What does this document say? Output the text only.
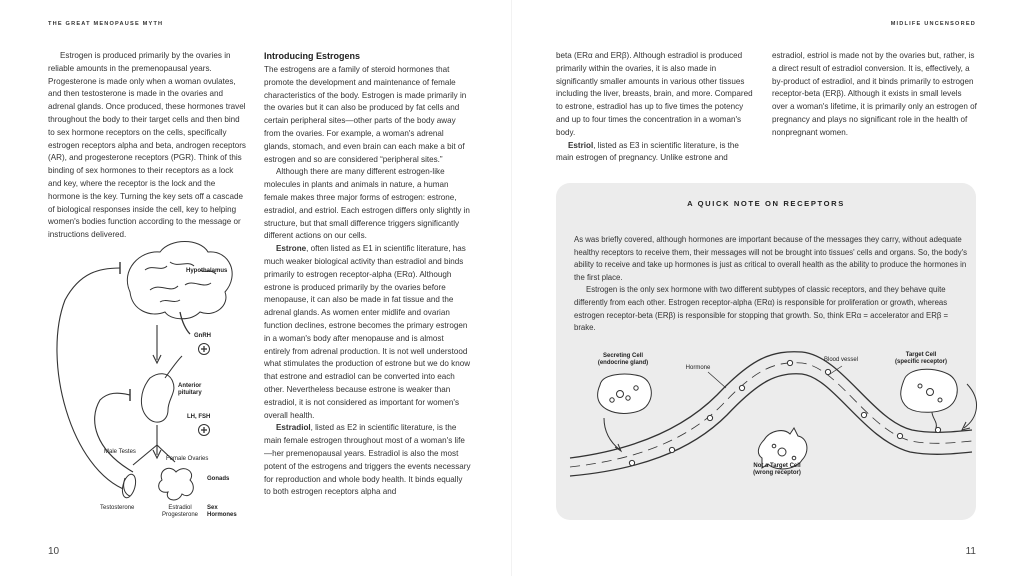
THE GREAT MENOPAUSE MYTH

Estrogen is produced primarily by the ovaries in reliable amounts in the premenopausal years. Progesterone is made only when a woman ovulates, and then testosterone is made in the ovaries and adrenal glands. Once produced, these hormones travel throughout the body to their target cells and then bind to sex hormone receptors on the cells, specifically estrogen receptors alpha and beta, androgen receptors (AR), and progesterone receptors (PGR). Think of this binding of sex hormones to their receptors as a lock and key, where the receptor is the lock and the hormone is the key. Turning the key sets off a cascade of biological responses inside the cell, key to helping women's bodies function according to the message or instructions delivered.

Introducing Estrogens

The estrogens are a family of steroid hormones that promote the development and maintenance of female characteristics of the body. Estrogen is made primarily in the ovaries but it can also be produced by fat cells and certain peripheral sites—other parts of the body away from the ovaries. For example, a woman's adrenal glands, stomach, and even brain can each make a bit of estrogen and so are considered “peripheral sites.”

Although there are many different estrogen-like molecules in plants and animals in nature, a human female makes three major forms of estrogen: estrone, estradiol, and estriol. Each estrogen differs only slightly in structure, but that small difference triggers significantly different actions on our cells.

Estrone, often listed as E1 in scientific literature, has much weaker biological activity than estradiol and binds primarily to estrogen receptor-alpha (ERα). Although estrone is produced primarily by the ovaries before menopause, it can also be made in fat tissue and the adrenal glands. As women enter midlife and ovarian function declines, estrone becomes the primary estrogen in a woman's body after menopause and is almost entirely from adrenal production. It is not well understood what stimulates the production of estrone but we do know that estrone and estradiol can be converted into each other. Nevertheless because estrone is weaker than estradiol, it is not considered as important for women's overall health.

Estradiol, listed as E2 in scientific literature, is the main female estrogen throughout most of a woman's life—her premenopausal years. Estradiol is also the most potent of the estrogens and triggers the events necessary for reproduction and whole body health. It binds equally to both estrogen receptors alpha and

Hypothalamus
GnRH
Anterior
pituitary
LH, FSH
Male Testes
Female Ovaries
Gonads
Testosterone	Estradiol
Progesterone
Sex
Hormones
10
MIDLIFE UNCENSORED

beta (ERα and ERβ). Although estradiol is produced primarily within the ovaries, it is also made in significantly smaller amounts in various other tissues including the liver, breasts, brain, and more. Compared to estrone, estradiol has up to five times the potency and up to four times the concentration in a woman's body.

Estriol, listed as E3 in scientific literature, is the main estrogen of pregnancy. Unlike estrone and

estradiol, estriol is made not by the ovaries but, rather, is a direct result of estradiol conversion. It is, effectively, a by-product of estradiol, and it binds primarily to estrogen receptor-beta (ERβ). Although it exists in small levels over a woman's lifetime, it is primarily only an estrogen of pregnancy and plays no significant role in the health of nonpregnant women.

A QUICK NOTE ON RECEPTORS

As was briefly covered, although hormones are important because of the messages they carry, without adequate healthy receptors to receive them, their messages will not be brought into tissues' cells and organs. So, the body's ability to receive and take up hormones is just as critical to overall health as the ability to produce the hormones in the first place.

Estrogen is the only sex hormone with two different subtypes of classic receptors, and they behave quite differently from each other. Estrogen receptor-alpha (ERα) is responsible for proliferation or growth, whereas estrogen receptor-beta (ERβ) is responsible for stopping that growth. So, think ERα = accelerator and ERβ = brake.

Secreting Cell
(endocrine gland)
Hormone
Blood vessel
Target Cell
(specific receptor)
Not a Target Cell
(wrong receptor)
11
